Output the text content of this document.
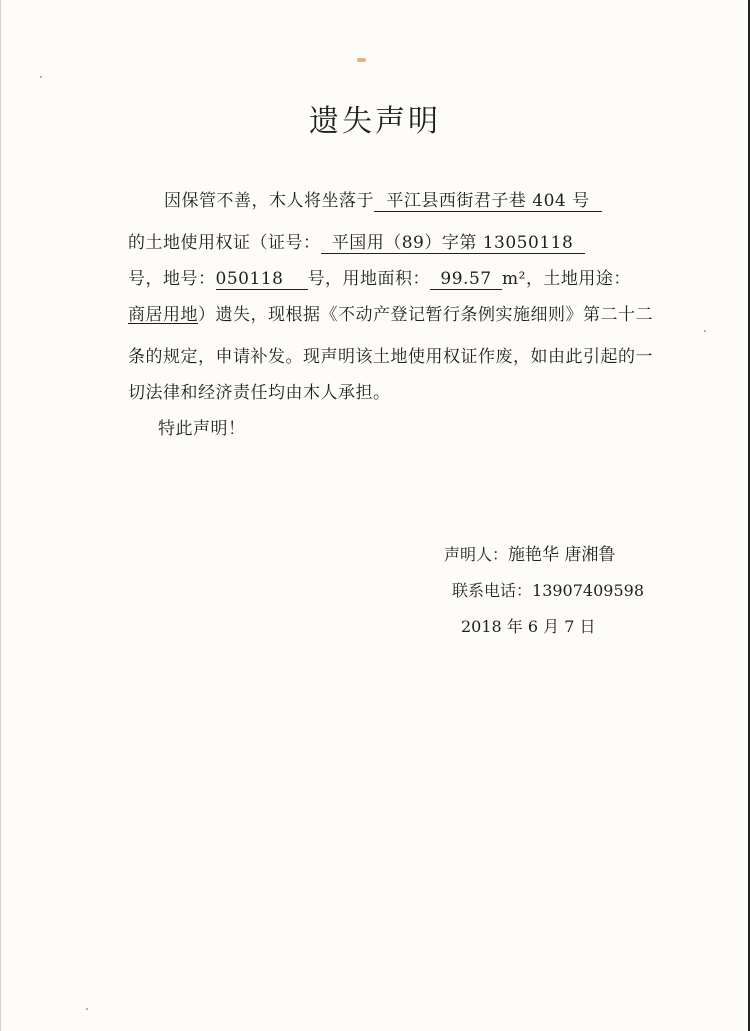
遗失声明
因保管不善，木人将坐落于 平江县西街君子巷 404 号
的土地使用权证（证号： 平国用（89）字第 13050118
号，地号：050118 号，用地面积： 99.57 m²，土地用途：
商居用地）遗失，现根据《不动产登记暂行条例实施细则》第二十二
条的规定，申请补发。现声明该土地使用权证作废，如由此引起的一
切法律和经济责任均由木人承担。
特此声明！
声明人：施艳华 唐湘鲁
联系电话：13907409598
2018 年 6 月 7 日
